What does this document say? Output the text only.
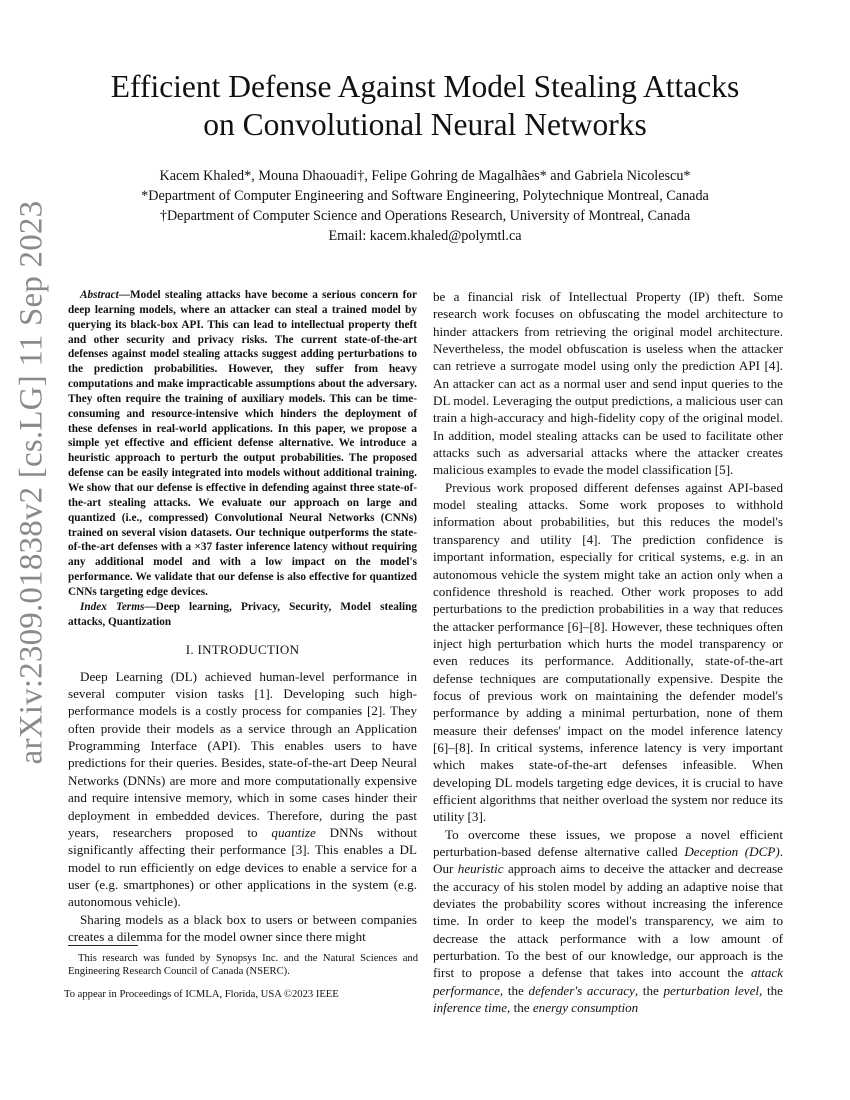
arXiv:2309.01838v2 [cs.LG] 11 Sep 2023
Efficient Defense Against Model Stealing Attacks
on Convolutional Neural Networks
Kacem Khaled*, Mouna Dhaouadi†, Felipe Gohring de Magalhães* and Gabriela Nicolescu*
*Department of Computer Engineering and Software Engineering, Polytechnique Montreal, Canada
†Department of Computer Science and Operations Research, University of Montreal, Canada
Email: kacem.khaled@polymtl.ca

Abstract—Model stealing attacks have become a serious concern for deep learning models, where an attacker can steal a trained model by querying its black-box API. This can lead to intellectual property theft and other security and privacy risks. The current state-of-the-art defenses against model stealing attacks suggest adding perturbations to the prediction probabilities. However, they suffer from heavy computations and make impracticable assumptions about the adversary. They often require the training of auxiliary models. This can be time-consuming and resource-intensive which hinders the deployment of these defenses in real-world applications. In this paper, we propose a simple yet effective and efficient defense alternative. We introduce a heuristic approach to perturb the output probabilities. The proposed defense can be easily integrated into models without additional training. We show that our defense is effective in defending against three state-of-the-art stealing attacks. We evaluate our approach on large and quantized (i.e., compressed) Convolutional Neural Networks (CNNs) trained on several vision datasets. Our technique outperforms the state-of-the-art defenses with a ×37 faster inference latency without requiring any additional model and with a low impact on the model's performance. We validate that our defense is also effective for quantized CNNs targeting edge devices.

Index Terms—Deep learning, Privacy, Security, Model stealing attacks, Quantization

I. INTRODUCTION

Deep Learning (DL) achieved human-level performance in several computer vision tasks [1]. Developing such high-performance models is a costly process for companies [2]. They often provide their models as a service through an Application Programming Interface (API). This enables users to have predictions for their queries. Besides, state-of-the-art Deep Neural Networks (DNNs) are more and more computationally expensive and require intensive memory, which in some cases hinder their deployment in embedded devices. Therefore, during the past years, researchers proposed to quantize DNNs without significantly affecting their performance [3]. This enables a DL model to run efficiently on edge devices to enable a service for a user (e.g. smartphones) or other applications in the system (e.g. autonomous vehicle).

Sharing models as a black box to users or between companies creates a dilemma for the model owner since there might

be a financial risk of Intellectual Property (IP) theft. Some research work focuses on obfuscating the model architecture to hinder attackers from retrieving the original model architecture. Nevertheless, the model obfuscation is useless when the attacker can retrieve a surrogate model using only the prediction API [4]. An attacker can act as a normal user and send input queries to the DL model. Leveraging the output predictions, a malicious user can train a high-accuracy and high-fidelity copy of the original model. In addition, model stealing attacks can be used to facilitate other attacks such as adversarial attacks where the attacker creates malicious examples to evade the model classification [5].

Previous work proposed different defenses against API-based model stealing attacks. Some work proposes to withhold information about probabilities, but this reduces the model's transparency and utility [4]. The prediction confidence is important information, especially for critical systems, e.g. in an autonomous vehicle the system might take an action only when a confidence threshold is reached. Other work proposes to add perturbations to the prediction probabilities in a way that reduces the attacker performance [6]–[8]. However, these techniques often inject high perturbation which hurts the model transparency or even reduces its performance. Additionally, state-of-the-art defense techniques are computationally expensive. Despite the focus of previous work on maintaining the defender model's performance by adding a minimal perturbation, none of them measure their defenses' impact on the model inference latency [6]–[8]. In critical systems, inference latency is very important which makes state-of-the-art defenses infeasible. When developing DL models targeting edge devices, it is crucial to have efficient algorithms that neither overload the system nor reduce its utility [3].

To overcome these issues, we propose a novel efficient perturbation-based defense alternative called Deception (DCP). Our heuristic approach aims to deceive the attacker and decrease the accuracy of his stolen model by adding an adaptive noise that deviates the probability scores without increasing the inference time. In order to keep the model's transparency, we aim to decrease the attack performance with a low amount of perturbation. To the best of our knowledge, our approach is the first to propose a defense that takes into account the attack performance, the defender's accuracy, the perturbation level, the inference time, the energy consumption

This research was funded by Synopsys Inc. and the Natural Sciences and Engineering Research Council of Canada (NSERC).
To appear in Proceedings of ICMLA, Florida, USA ©2023 IEEE
